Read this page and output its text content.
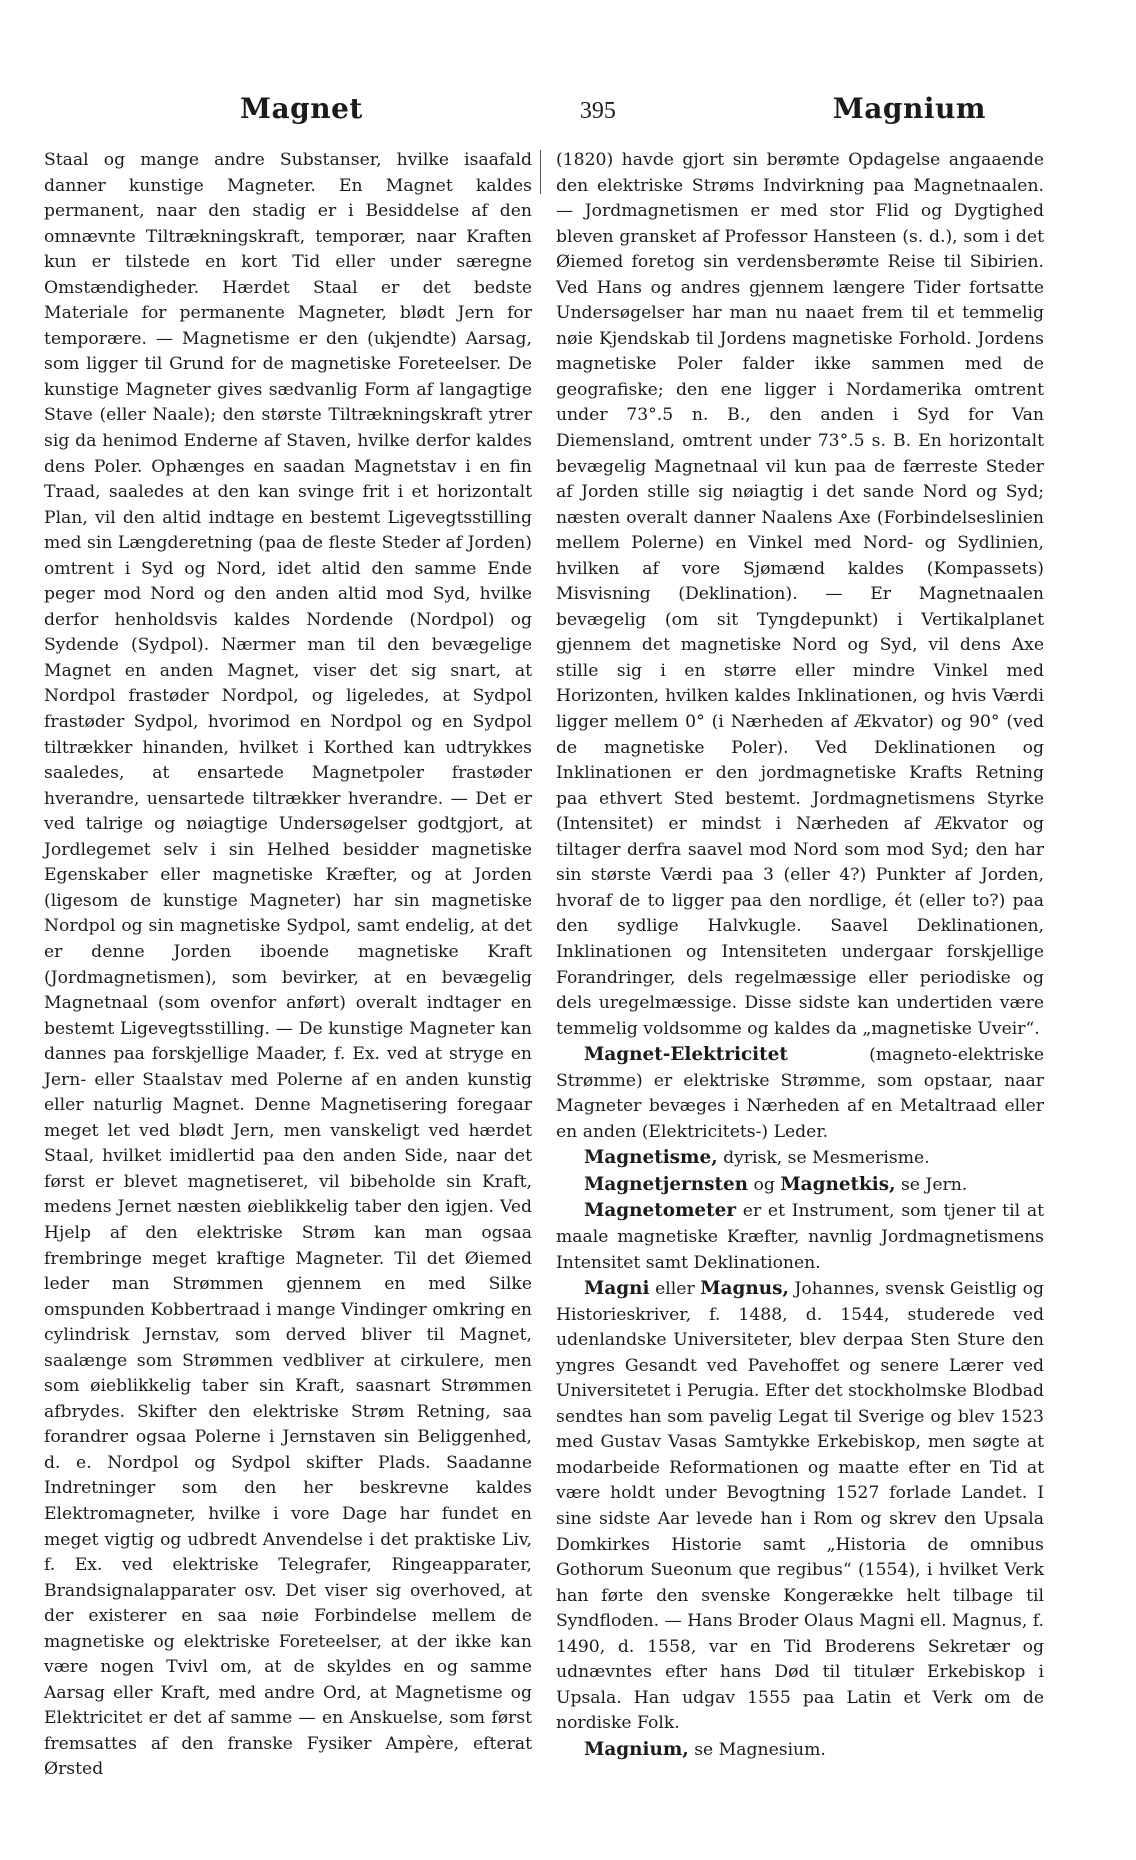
Magnet	395	Magnium

Staal og mange andre Substanser, hvilke isaafald danner kunstige Magneter. En Magnet kaldes permanent, naar den stadig er i Besiddelse af den omnævnte Tiltrækningskraft, temporær, naar Kraften kun er tilstede en kort Tid eller under særegne Omstændigheder. Hærdet Staal er det bedste Materiale for permanente Magneter, blødt Jern for temporære. — Magnetisme er den (ukjendte) Aarsag, som ligger til Grund for de magnetiske Foreteelser. De kunstige Magneter gives sædvanlig Form af langagtige Stave (eller Naale); den største Tiltrækningskraft ytrer sig da henimod Enderne af Staven, hvilke derfor kaldes dens Poler. Ophænges en saadan Magnetstav i en fin Traad, saaledes at den kan svinge frit i et horizontalt Plan, vil den altid indtage en bestemt Ligevegtsstilling med sin Længderetning (paa de fleste Steder af Jorden) omtrent i Syd og Nord, idet altid den samme Ende peger mod Nord og den anden altid mod Syd, hvilke derfor henholdsvis kaldes Nordende (Nordpol) og Sydende (Sydpol). Nærmer man til den bevægelige Magnet en anden Magnet, viser det sig snart, at Nordpol frastøder Nordpol, og ligeledes, at Sydpol frastøder Sydpol, hvorimod en Nordpol og en Sydpol tiltrækker hinanden, hvilket i Korthed kan udtrykkes saaledes, at ensartede Magnetpoler frastøder hverandre, uensartede tiltrækker hverandre. — Det er ved talrige og nøiagtige Undersøgelser godtgjort, at Jordlegemet selv i sin Helhed besidder magnetiske Egenskaber eller magnetiske Kræfter, og at Jorden (ligesom de kunstige Magneter) har sin magnetiske Nordpol og sin magnetiske Sydpol, samt endelig, at det er denne Jorden iboende magnetiske Kraft (Jordmagnetismen), som bevirker, at en bevægelig Magnetnaal (som ovenfor anført) overalt indtager en bestemt Ligevegtsstilling. — De kunstige Magneter kan dannes paa forskjellige Maader, f. Ex. ved at stryge en Jern- eller Staalstav med Polerne af en anden kunstig eller naturlig Magnet. Denne Magnetisering foregaar meget let ved blødt Jern, men vanskeligt ved hærdet Staal, hvilket imidlertid paa den anden Side, naar det først er blevet magnetiseret, vil bibeholde sin Kraft, medens Jernet næsten øieblikkelig taber den igjen. Ved Hjelp af den elektriske Strøm kan man ogsaa frembringe meget kraftige Magneter. Til det Øiemed leder man Strømmen gjennem en med Silke omspunden Kobbertraad i mange Vindinger omkring en cylindrisk Jernstav, som derved bliver til Magnet, saalænge som Strømmen vedbliver at cirkulere, men som øieblikkelig taber sin Kraft, saasnart Strømmen afbrydes. Skifter den elektriske Strøm Retning, saa forandrer ogsaa Polerne i Jernstaven sin Beliggenhed, d. e. Nordpol og Sydpol skifter Plads. Saadanne Indretninger som den her beskrevne kaldes Elektromagneter, hvilke i vore Dage har fundet en meget vigtig og udbredt Anvendelse i det praktiske Liv, f. Ex. ved elektriske Telegrafer, Ringeapparater, Brandsignalapparater osv. Det viser sig overhoved, at der existerer en saa nøie Forbindelse mellem de magnetiske og elektriske Foreteelser, at der ikke kan være nogen Tvivl om, at de skyldes en og samme Aarsag eller Kraft, med andre Ord, at Magnetisme og Elektricitet er det af samme — en Anskuelse, som først fremsattes af den franske Fysiker Ampère, efterat Ørsted

(1820) havde gjort sin berømte Opdagelse angaaende den elektriske Strøms Indvirkning paa Magnetnaalen. — Jordmagnetismen er med stor Flid og Dygtighed bleven gransket af Professor Hansteen (s. d.), som i det Øiemed foretog sin verdensberømte Reise til Sibirien. Ved Hans og andres gjennem længere Tider fortsatte Undersøgelser har man nu naaet frem til et temmelig nøie Kjendskab til Jordens magnetiske Forhold. Jordens magnetiske Poler falder ikke sammen med de geografiske; den ene ligger i Nordamerika omtrent under 73°.5 n. B., den anden i Syd for Van Diemensland, omtrent under 73°.5 s. B. En horizontalt bevægelig Magnetnaal vil kun paa de færreste Steder af Jorden stille sig nøiagtig i det sande Nord og Syd; næsten overalt danner Naalens Axe (Forbindelseslinien mellem Polerne) en Vinkel med Nord- og Sydlinien, hvilken af vore Sjømænd kaldes (Kompassets) Misvisning (Deklination). — Er Magnetnaalen bevægelig (om sit Tyngdepunkt) i Vertikalplanet gjennem det magnetiske Nord og Syd, vil dens Axe stille sig i en større eller mindre Vinkel med Horizonten, hvilken kaldes Inklinationen, og hvis Værdi ligger mellem 0° (i Nærheden af Ækvator) og 90° (ved de magnetiske Poler). Ved Deklinationen og Inklinationen er den jordmagnetiske Krafts Retning paa ethvert Sted bestemt. Jordmagnetismens Styrke (Intensitet) er mindst i Nærheden af Ækvator og tiltager derfra saavel mod Nord som mod Syd; den har sin største Værdi paa 3 (eller 4?) Punkter af Jorden, hvoraf de to ligger paa den nordlige, ét (eller to?) paa den sydlige Halvkugle. Saavel Deklinationen, Inklinationen og Intensiteten undergaar forskjellige Forandringer, dels regelmæssige eller periodiske og dels uregelmæssige. Disse sidste kan undertiden være temmelig voldsomme og kaldes da „magnetiske Uveir“.

Magnet-Elektricitet (magneto-elektriske Strømme) er elektriske Strømme, som opstaar, naar Magneter bevæges i Nærheden af en Metaltraad eller en anden (Elektricitets-) Leder.

Magnetisme, dyrisk, se Mesmerisme.

Magnetjernsten og Magnetkis, se Jern.

Magnetometer er et Instrument, som tjener til at maale magnetiske Kræfter, navnlig Jordmagnetismens Intensitet samt Deklinationen.

Magni eller Magnus, Johannes, svensk Geistlig og Historieskriver, f. 1488, d. 1544, studerede ved udenlandske Universiteter, blev derpaa Sten Sture den yngres Gesandt ved Pavehoffet og senere Lærer ved Universitetet i Perugia. Efter det stockholmske Blodbad sendtes han som pavelig Legat til Sverige og blev 1523 med Gustav Vasas Samtykke Erkebiskop, men søgte at modarbeide Reformationen og maatte efter en Tid at være holdt under Bevogtning 1527 forlade Landet. I sine sidste Aar levede han i Rom og skrev den Upsala Domkirkes Historie samt „Historia de omnibus Gothorum Sueonum que regibus“ (1554), i hvilket Verk han førte den svenske Kongerække helt tilbage til Syndfloden. — Hans Broder Olaus Magni ell. Magnus, f. 1490, d. 1558, var en Tid Broderens Sekretær og udnævntes efter hans Død til titulær Erkebiskop i Upsala. Han udgav 1555 paa Latin et Verk om de nordiske Folk.

Magnium, se Magnesium.
